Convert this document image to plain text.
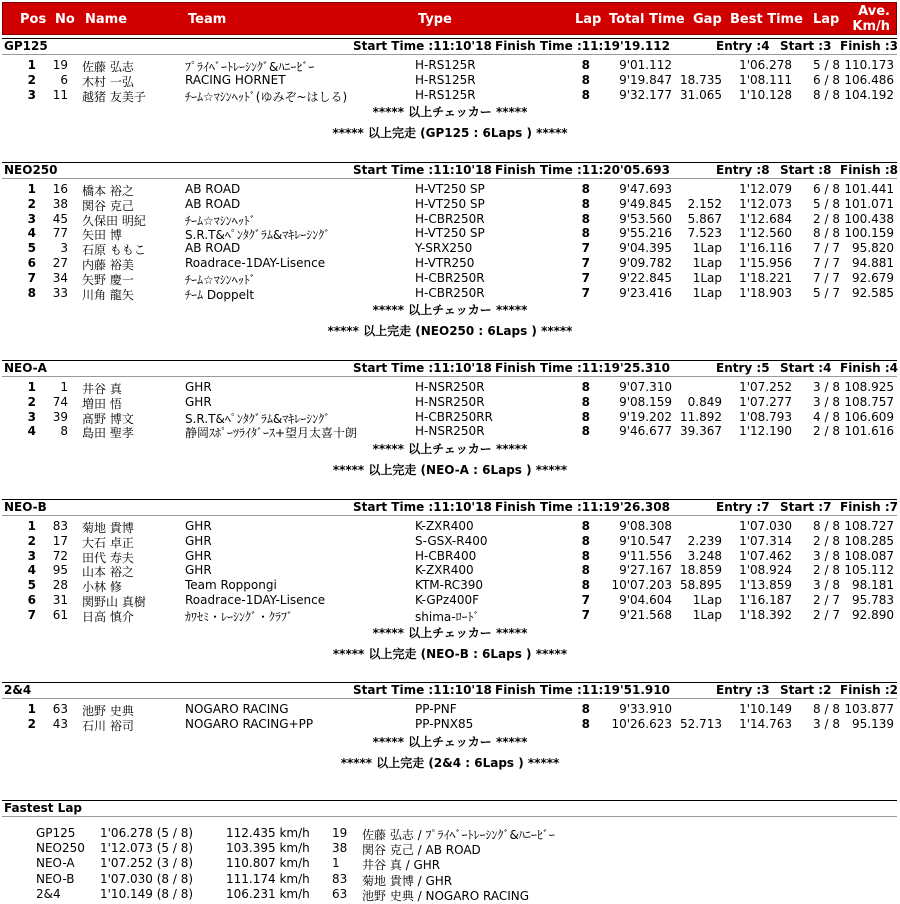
Pos No Name	Team	Type	Lap Total Time Gap Best Time Lap
Ave.
Km/h
GP125	Start Time :11:10'18 Finish Time :11:19'19.112	Entry :4 Start :3 Finish :3
1	19 佐藤 弘志	ﾌﾟﾗｲﾍﾞｰﾄﾚｰｼﾝｸﾞ&ﾊﾆｰﾋﾞｰ	H-RS125R	8	9'01.112	1'06.278	5 / 8 110.173
2	6 木村 一弘	RACING HORNET	H-RS125R	8	9'19.847 18.735	1'08.111	6 / 8 106.486
3	11 越猪 友美子	ﾁｰﾑ☆ﾏｼﾝﾍｯﾄﾞ(ゆみぞ~はしる)	H-RS125R	8	9'32.177 31.065	1'10.128	8 / 8 104.192
***** 以上チェッカー *****
***** 以上完走 (GP125 : 6Laps ) *****
NEO250	Start Time :11:10'18 Finish Time :11:20'05.693	Entry :8 Start :8 Finish :8
1	16 橋本 裕之	AB ROAD	H-VT250 SP	8	9'47.693	1'12.079	6 / 8 101.441
2	38 関谷 克己	AB ROAD	H-VT250 SP	8	9'49.845	2.152	1'12.073	5 / 8 101.071
3	45 久保田 明紀	ﾁｰﾑ☆ﾏｼﾝﾍｯﾄﾞ	H-CBR250R	8	9'53.560	5.867	1'12.684	2 / 8 100.438
4	77 矢田 博	S.R.T&ﾍﾟﾝﾀｸﾞﾗﾑ&ﾏｷﾚｰｼﾝｸﾞ	H-VT250 SP	8	9'55.216	7.523	1'12.560	8 / 8 100.159
5	3 石原 ももこ	AB ROAD	Y-SRX250	7	9'04.395	1Lap	1'16.116	7 / 7	95.820
6	27 内藤 裕美	Roadrace-1DAY-Lisence	H-VTR250	7	9'09.782	1Lap	1'15.956	7 / 7	94.881
7	34 矢野 慶一	ﾁｰﾑ☆ﾏｼﾝﾍｯﾄﾞ	H-CBR250R	7	9'22.845	1Lap	1'18.221	7 / 7	92.679
8	33 川角 龍矢	ﾁｰﾑ Doppelt	H-CBR250R	7	9'23.416	1Lap	1'18.903	5 / 7	92.585
***** 以上チェッカー *****
***** 以上完走 (NEO250 : 6Laps ) *****
NEO-A	Start Time :11:10'18 Finish Time :11:19'25.310	Entry :5 Start :4 Finish :4
1	1 井谷 真	GHR	H-NSR250R	8	9'07.310	1'07.252	3 / 8 108.925
2	74 増田 悟	GHR	H-NSR250R	8	9'08.159	0.849	1'07.277	3 / 8 108.757
3	39 髙野 博文	S.R.T&ﾍﾟﾝﾀｸﾞﾗﾑ&ﾏｷﾚｰｼﾝｸﾞ	H-CBR250RR	8	9'19.202 11.892	1'08.793	4 / 8 106.609
4	8 島田 聖孝	静岡ｽﾎﾟｰﾂﾗｲﾀﾞｰｽ+望月太喜十朗	H-NSR250R	8	9'46.677 39.367	1'12.190	2 / 8 101.616
***** 以上チェッカー *****
***** 以上完走 (NEO-A : 6Laps ) *****
NEO-B	Start Time :11:10'18 Finish Time :11:19'26.308	Entry :7 Start :7 Finish :7
1	83 菊地 貴博	GHR	K-ZXR400	8	9'08.308	1'07.030	8 / 8 108.727
2	17 大石 卓正	GHR	S-GSX-R400	8	9'10.547	2.239	1'07.314	2 / 8 108.285
3	72 田代 寿夫	GHR	H-CBR400	8	9'11.556	3.248	1'07.462	3 / 8 108.087
4	95 山本 裕之	GHR	K-ZXR400	8	9'27.167 18.859	1'08.924	2 / 8 105.112
5	28 小林 修	Team Roppongi	KTM-RC390	8	10'07.203 58.895	1'13.859	3 / 8	98.181
6	31 関野山 真樹	Roadrace-1DAY-Lisence	K-GPz400F	7	9'04.604	1Lap	1'16.187	2 / 7	95.783
7	61 日高 慎介	ｶﾜｾﾐ・ﾚｰｼﾝｸﾞ・ｸﾗﾌﾞ	shima-ﾛｰﾄﾞ	7	9'21.568	1Lap	1'18.392	2 / 7	92.890
***** 以上チェッカー *****
***** 以上完走 (NEO-B : 6Laps ) *****
2&4	Start Time :11:10'18 Finish Time :11:19'51.910	Entry :3 Start :2 Finish :2
1	63 池野 史典	NOGARO RACING	PP-PNF	8	9'33.910	1'10.149	8 / 8 103.877
2	43 石川 裕司	NOGARO RACING+PP	PP-PNX85	8	10'26.623 52.713	1'14.763	3 / 8	95.139
***** 以上チェッカー *****
***** 以上完走 (2&4 : 6Laps ) *****
Fastest Lap
GP125 1'06.278 (5 / 8)	112.435 km/h 19 佐藤 弘志 / ﾌﾟﾗｲﾍﾞｰﾄﾚｰｼﾝｸﾞ&ﾊﾆｰﾋﾞｰ
NEO250 1'12.073 (5 / 8)	103.395 km/h 38 関谷 克己 / AB ROAD
NEO-A 1'07.252 (3 / 8)	110.807 km/h 1 井谷 真 / GHR
NEO-B 1'07.030 (8 / 8)	111.174 km/h 83 菊地 貴博 / GHR
2&4	1'10.149 (8 / 8)	106.231 km/h 63 池野 史典 / NOGARO RACING
